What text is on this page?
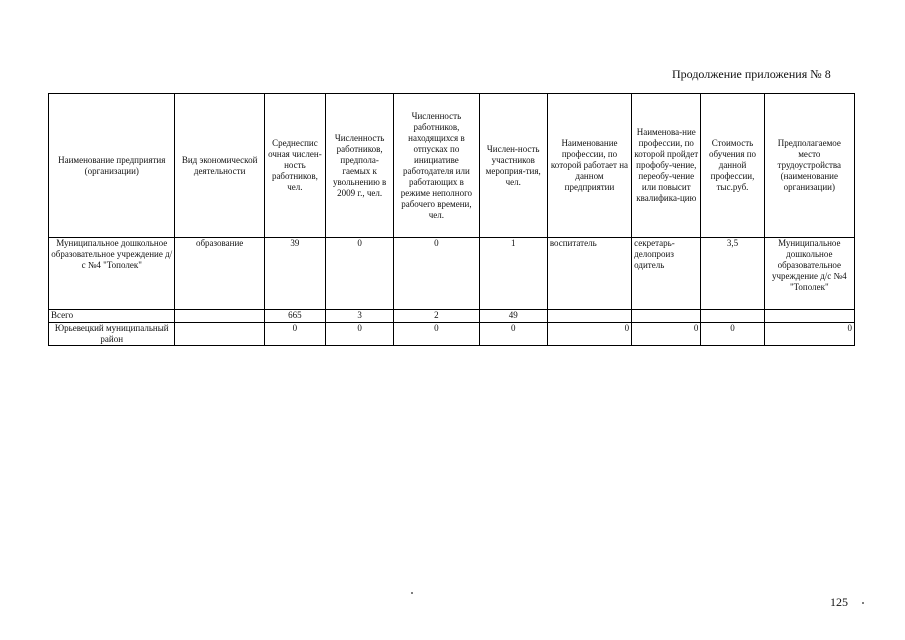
Продолжение приложения № 8
Наименование предприятия (организации)	Вид экономической деятельности	Среднеспис очная числен-ность работников, чел.	Численность работников, предпола-гаемых к увольнению в 2009 г., чел.	Численность работников, находящихся в отпусках по инициативе работодателя или работающих в режиме неполного рабочего времени, чел.	Числен-ность участников мероприя-тия, чел.	Наименование профессии, по которой работает на данном предприятии	Наименова-ние профессии, по которой пройдет профобу-чение, переобу-чение или повысит квалифика-цию	Стоимость обучения по данной профессии, тыс.руб.	Предполагаемое место трудоустройства (наименование организации)
Муниципальное дошкольное образовательное учреждение д/с №4 "Тополек"	образование	39	0	0	1	воспитатель	секретарь-делопроиз одитель	3,5	Муниципальное дошкольное образовательное учреждение д/с №4 "Тополек"
Всего		665	3	2	49				
Юрьевецкий муниципальный район		0	0	0	0	0	0	0	0
125
